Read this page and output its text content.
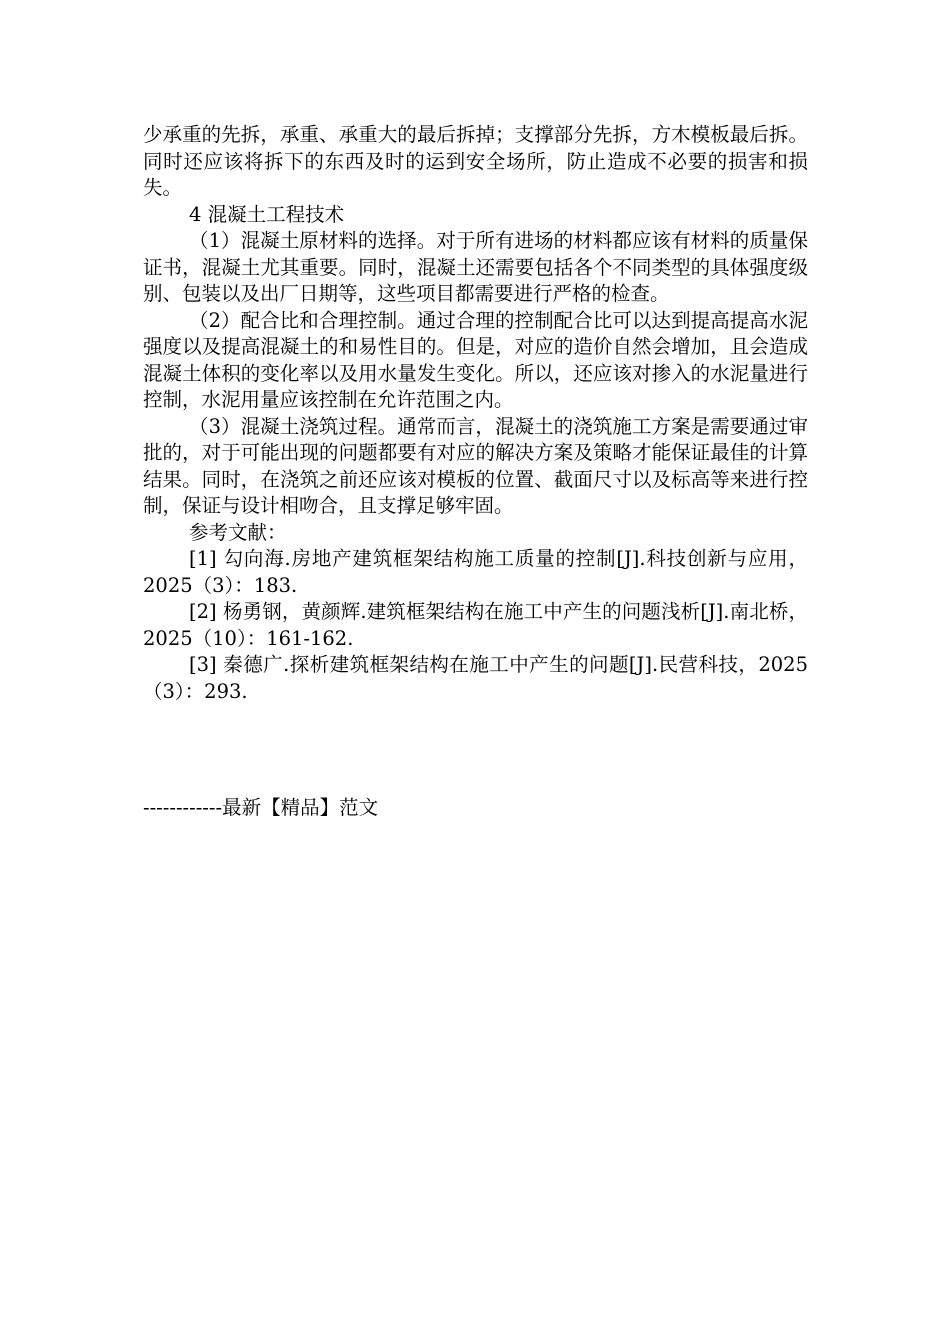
少承重的先拆，承重、承重大的最后拆掉；支撑部分先拆，方木模板最后拆。同时还应该将拆下的东西及时的运到安全场所，防止造成不必要的损害和损失。

4 混凝土工程技术

（1）混凝土原材料的选择。对于所有进场的材料都应该有材料的质量保证书，混凝土尤其重要。同时，混凝土还需要包括各个不同类型的具体强度级别、包装以及出厂日期等，这些项目都需要进行严格的检查。

（2）配合比和合理控制。通过合理的控制配合比可以达到提高提高水泥强度以及提高混凝土的和易性目的。但是，对应的造价自然会增加，且会造成混凝土体积的变化率以及用水量发生变化。所以，还应该对掺入的水泥量进行控制，水泥用量应该控制在允许范围之内。

（3）混凝土浇筑过程。通常而言，混凝土的浇筑施工方案是需要通过审批的，对于可能出现的问题都要有对应的解决方案及策略才能保证最佳的计算结果。同时，在浇筑之前还应该对模板的位置、截面尺寸以及标高等来进行控制，保证与设计相吻合，且支撑足够牢固。

参考文献：

[1] 勾向海.房地产建筑框架结构施工质量的控制[J].科技创新与应用，2025（3）：183.

[2] 杨勇钢，黄颜辉.建筑框架结构在施工中产生的问题浅析[J].南北桥，2025（10）：161-162.

[3] 秦德广.探析建筑框架结构在施工中产生的问题[J].民营科技，2025（3）：293.

------------最新【精品】范文
